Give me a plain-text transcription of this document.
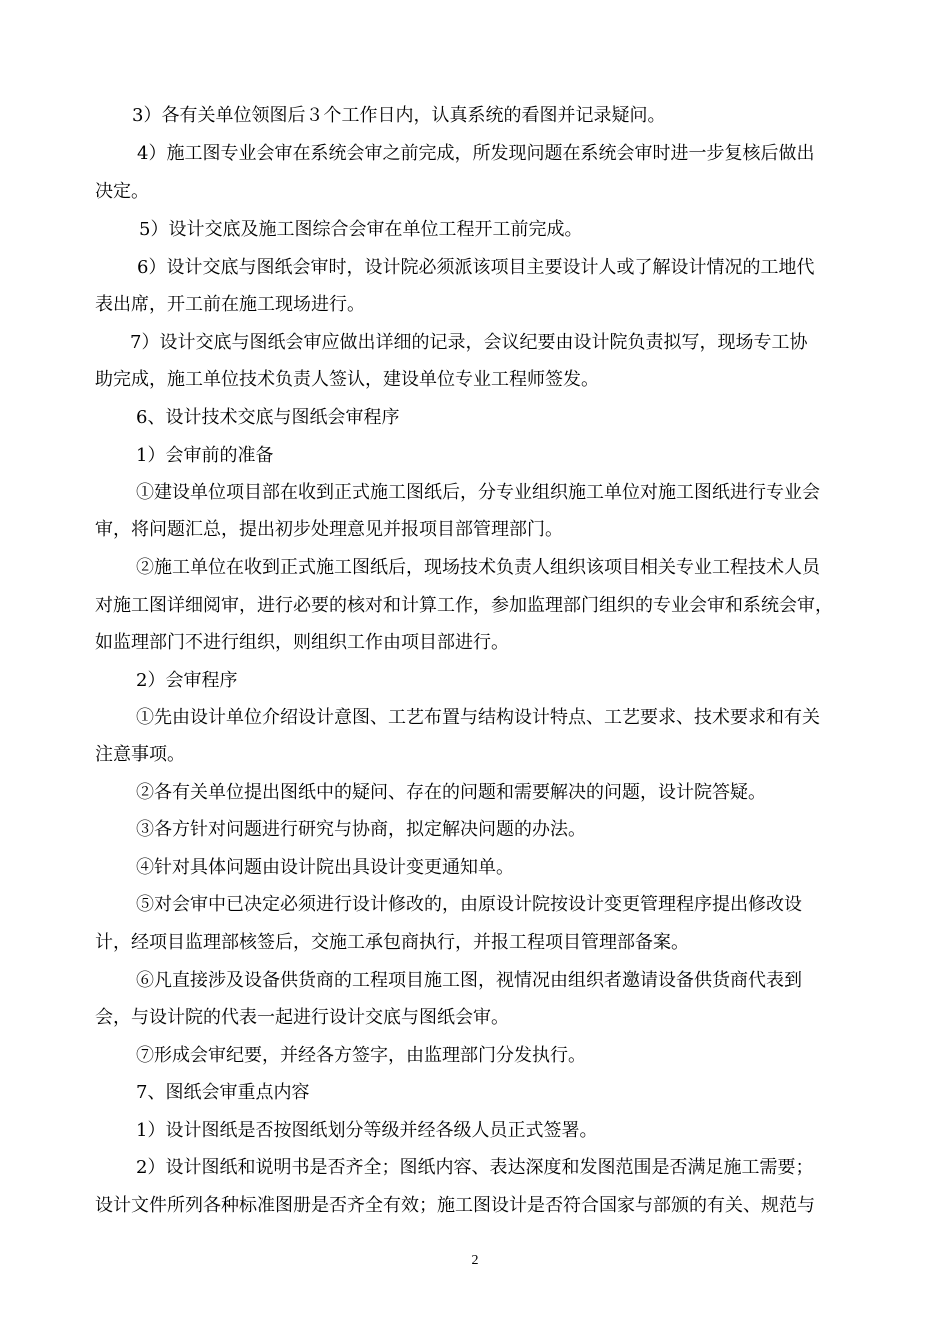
3）各有关单位领图后３个工作日内，认真系统的看图并记录疑问。
4）施工图专业会审在系统会审之前完成，所发现问题在系统会审时进一步复核后做出
决定。
5）设计交底及施工图综合会审在单位工程开工前完成。
6）设计交底与图纸会审时，设计院必须派该项目主要设计人或了解设计情况的工地代
表出席，开工前在施工现场进行。
7）设计交底与图纸会审应做出详细的记录，会议纪要由设计院负责拟写，现场专工协
助完成，施工单位技术负责人签认，建设单位专业工程师签发。
6、设计技术交底与图纸会审程序
1）会审前的准备
①建设单位项目部在收到正式施工图纸后，分专业组织施工单位对施工图纸进行专业会
审，将问题汇总，提出初步处理意见并报项目部管理部门。
②施工单位在收到正式施工图纸后，现场技术负责人组织该项目相关专业工程技术人员
对施工图详细阅审，进行必要的核对和计算工作，参加监理部门组织的专业会审和系统会审，
如监理部门不进行组织，则组织工作由项目部进行。
2）会审程序
①先由设计单位介绍设计意图、工艺布置与结构设计特点、工艺要求、技术要求和有关
注意事项。
②各有关单位提出图纸中的疑问、存在的问题和需要解决的问题，设计院答疑。
③各方针对问题进行研究与协商，拟定解决问题的办法。
④针对具体问题由设计院出具设计变更通知单。
⑤对会审中已决定必须进行设计修改的，由原设计院按设计变更管理程序提出修改设
计，经项目监理部核签后，交施工承包商执行，并报工程项目管理部备案。
⑥凡直接涉及设备供货商的工程项目施工图，视情况由组织者邀请设备供货商代表到
会，与设计院的代表一起进行设计交底与图纸会审。
⑦形成会审纪要，并经各方签字，由监理部门分发执行。
7、图纸会审重点内容
1）设计图纸是否按图纸划分等级并经各级人员正式签署。
2）设计图纸和说明书是否齐全；图纸内容、表达深度和发图范围是否满足施工需要；
设计文件所列各种标准图册是否齐全有效；施工图设计是否符合国家与部颁的有关、规范与
2
